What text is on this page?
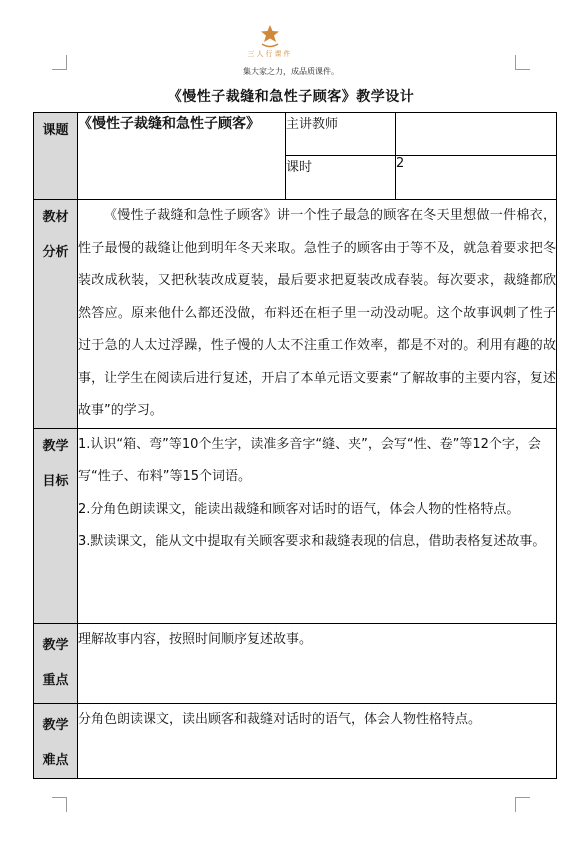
三人行课件
集大家之力，成品质课件。
《慢性子裁缝和急性子顾客》教学设计
课题	《慢性子裁缝和急性子顾客》	主讲教师	
		课时	2

教材
分析	《慢性子裁缝和急性子顾客》讲一个性子最急的顾客在冬天里想做一件棉衣，性子最慢的裁缝让他到明年冬天来取。急性子的顾客由于等不及，就急着要求把冬装改成秋装，又把秋装改成夏装，最后要求把夏装改成春装。每次要求，裁缝都欣然答应。原来他什么都还没做，布料还在柜子里一动没动呢。这个故事讽刺了性子过于急的人太过浮躁，性子慢的人太不注重工作效率，都是不对的。利用有趣的故事，让学生在阅读后进行复述，开启了本单元语文要素“了解故事的主要内容，复述故事”的学习。		

教学
目标	1.认识“箱、弯”等10个生字，读准多音字“缝、夹”，会写“性、卷”等12个字，会写“性子、布料”等15个词语。
2.分角色朗读课文，能读出裁缝和顾客对话时的语气，体会人物的性格特点。
3.默读课文，能从文中提取有关顾客要求和裁缝表现的信息，借助表格复述故事。		

教学
重点	理解故事内容，按照时间顺序复述故事。		

教学
难点	分角色朗读课文，读出顾客和裁缝对话时的语气，体会人物性格特点。		
